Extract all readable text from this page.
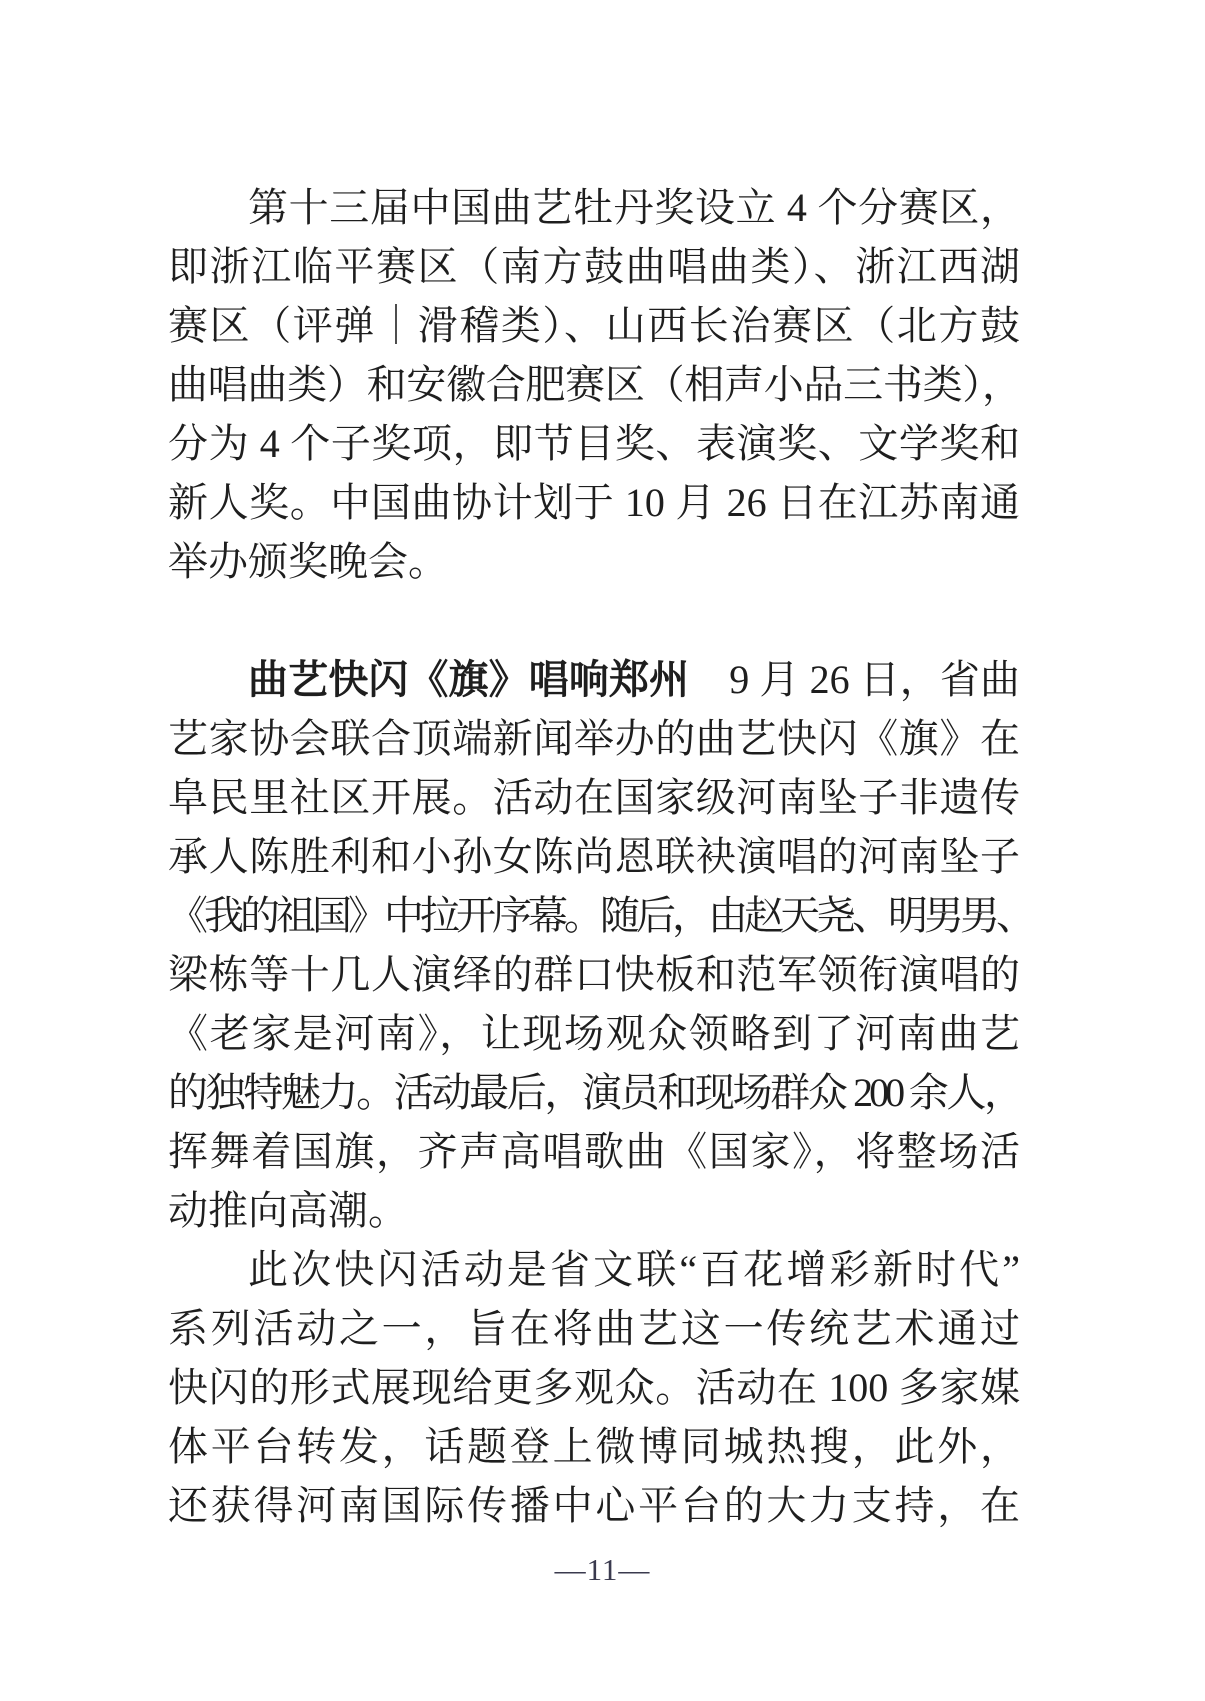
第十三届中国曲艺牡丹奖设立 4 个分赛区，
即浙江临平赛区（南方鼓曲唱曲类）、浙江西湖
赛区（评弹｜滑稽类）、山西长治赛区（北方鼓
曲唱曲类）和安徽合肥赛区（相声小品三书类），
分为 4 个子奖项，即节目奖、表演奖、文学奖和
新人奖。中国曲协计划于 10 月 26 日在江苏南通
举办颁奖晚会。
曲艺快闪《旗》唱响郑州　9 月 26 日，省曲
艺家协会联合顶端新闻举办的曲艺快闪《旗》在
阜民里社区开展。活动在国家级河南坠子非遗传
承人陈胜利和小孙女陈尚恩联袂演唱的河南坠子
《我的祖国》中拉开序幕。随后，由赵天尧、明男男、
梁栋等十几人演绎的群口快板和范军领衔演唱的
《老家是河南》，让现场观众领略到了河南曲艺
的独特魅力。活动最后，演员和现场群众 200 余人，
挥舞着国旗，齐声高唱歌曲《国家》，将整场活
动推向高潮。
此次快闪活动是省文联“百花增彩新时代”
系列活动之一，旨在将曲艺这一传统艺术通过
快闪的形式展现给更多观众。活动在 100 多家媒
体平台转发，话题登上微博同城热搜，此外，
还获得河南国际传播中心平台的大力支持，在
—11—
